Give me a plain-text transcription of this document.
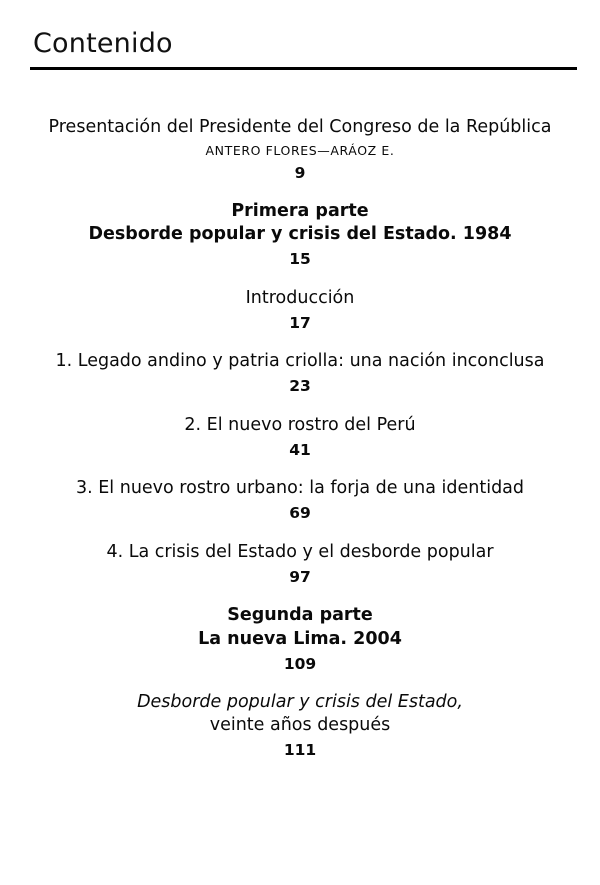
Contenido
Presentación del Presidente del Congreso de la República
ANTERO FLORES—ARÁOZ E.
9
Primera parte
Desborde popular y crisis del Estado. 1984
15
Introducción
17
1. Legado andino y patria criolla: una nación inconclusa
23
2. El nuevo rostro del Perú
41
3. El nuevo rostro urbano: la forja de una identidad
69
4. La crisis del Estado y el desborde popular
97
Segunda parte
La nueva Lima. 2004
109
Desborde popular y crisis del Estado,
veinte años después
111
